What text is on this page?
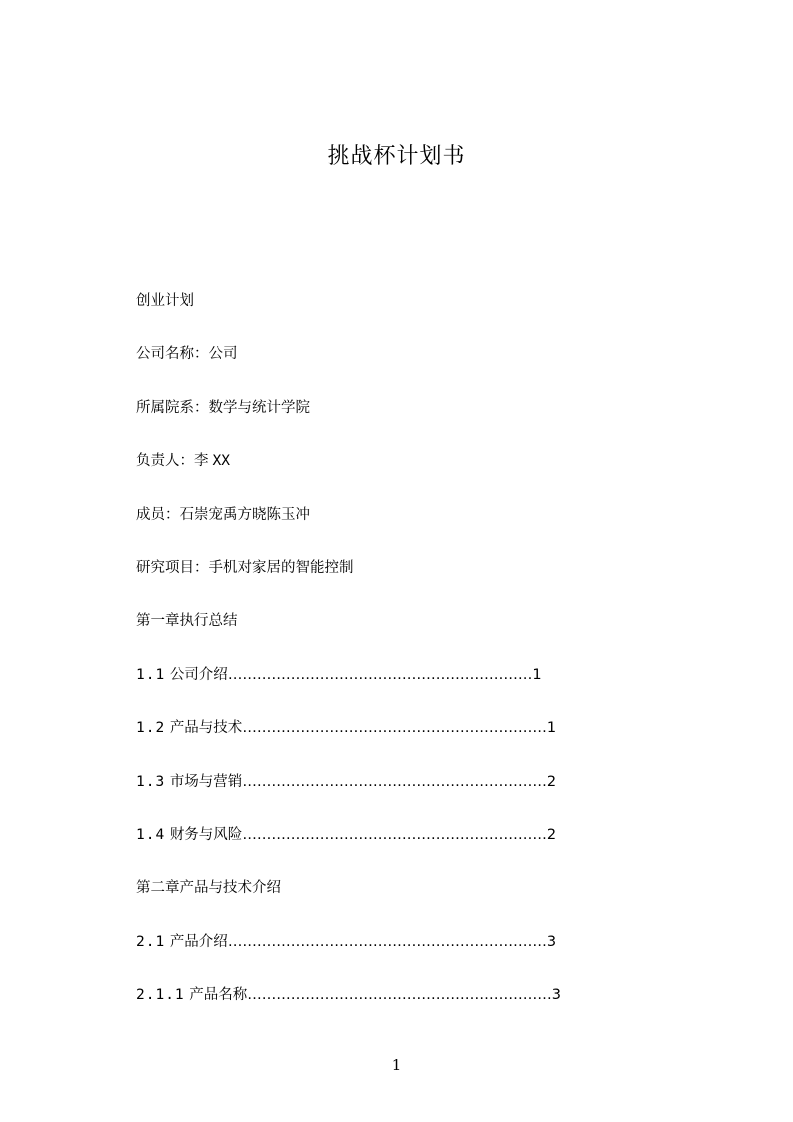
挑战杯计划书
创业计划
公司名称：公司
所属院系：数学与统计学院
负责人：李 XX
成员：石崇宠禹方晓陈玉冲
研究项目：手机对家居的智能控制
第一章执行总结
1.1 公司介绍………………………………………………………1
1.2 产品与技术………………………………………………………1
1.3 市场与营销………………………………………………………2
1.4 财务与风险………………………………………………………2
第二章产品与技术介绍
2.1 产品介绍…………………………………………………………3
2.1.1 产品名称………………………………………………………3
1
